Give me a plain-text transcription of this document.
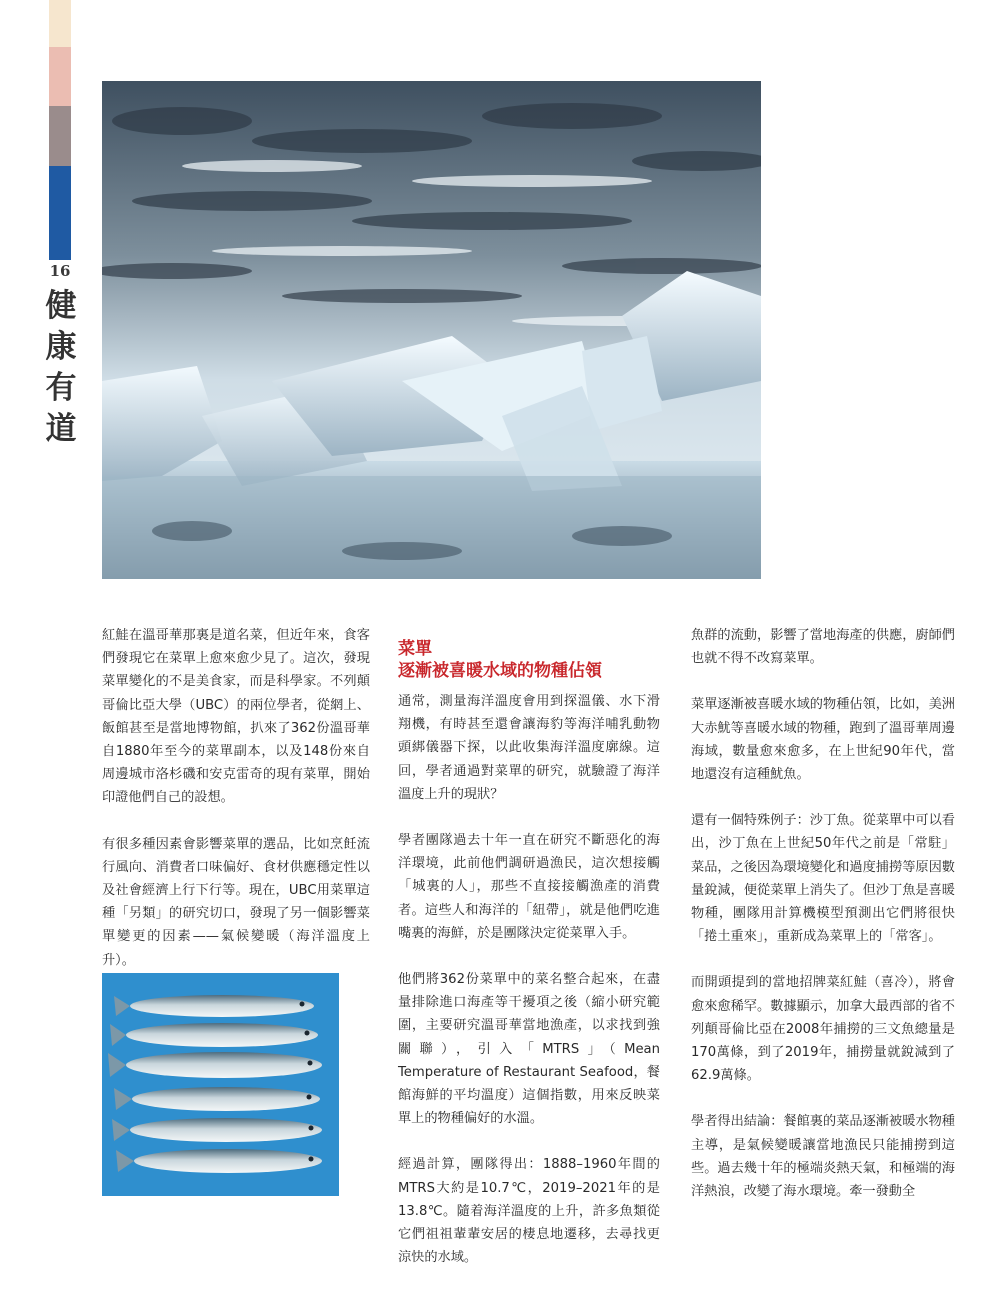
16
健
康
有
道

紅鮭在溫哥華那裏是道名菜，但近年來，食客們發現它在菜單上愈來愈少見了。這次，發現菜單變化的不是美食家，而是科學家。不列顛哥倫比亞大學（UBC）的兩位學者，從網上、飯館甚至是當地博物館，扒來了362份溫哥華自1880年至今的菜單副本，以及148份來自周邊城市洛杉磯和安克雷奇的現有菜單，開始印證他們自己的設想。

有很多種因素會影響菜單的選品，比如烹飪流行風向、消費者口味偏好、食材供應穩定性以及社會經濟上行下行等。現在，UBC用菜單這種「另類」的研究切口，發現了另一個影響菜單變更的因素——氣候變暖（海洋溫度上升）。

菜單
逐漸被喜暖水域的物種佔領

通常，測量海洋溫度會用到探溫儀、水下滑翔機，有時甚至還會讓海豹等海洋哺乳動物頭綁儀器下探，以此收集海洋溫度廓線。這回，學者通過對菜單的研究，就驗證了海洋溫度上升的現狀？

學者團隊過去十年一直在研究不斷惡化的海洋環境，此前他們調研過漁民，這次想接觸「城裏的人」，那些不直接接觸漁產的消費者。這些人和海洋的「紐帶」，就是他們吃進嘴裏的海鮮，於是團隊決定從菜單入手。

他們將362份菜單中的菜名整合起來，在盡量排除進口海產等干擾項之後（縮小研究範圍，主要研究溫哥華當地漁產，以求找到強關聯），引入「MTRS」（Mean Temperature of Restaurant Seafood，餐館海鮮的平均溫度）這個指數，用來反映菜單上的物種偏好的水溫。

經過計算，團隊得出：1888–1960年間的MTRS大約是10.7℃，2019–2021年的是13.8℃。隨着海洋溫度的上升，許多魚類從它們祖祖輩輩安居的棲息地遷移，去尋找更涼快的水域。

魚群的流動，影響了當地海產的供應，廚師們也就不得不改寫菜單。

菜單逐漸被喜暖水域的物種佔領，比如，美洲大赤魷等喜暖水域的物種，跑到了溫哥華周邊海域，數量愈來愈多，在上世紀90年代，當地還沒有這種魷魚。

還有一個特殊例子：沙丁魚。從菜單中可以看出，沙丁魚在上世紀50年代之前是「常駐」菜品，之後因為環境變化和過度捕撈等原因數量銳減，便從菜單上消失了。但沙丁魚是喜暖物種，團隊用計算機模型預測出它們將很快「捲土重來」，重新成為菜單上的「常客」。

而開頭提到的當地招牌菜紅鮭（喜冷），將會愈來愈稀罕。數據顯示，加拿大最西部的省不列顛哥倫比亞在2008年捕撈的三文魚總量是170萬條，到了2019年，捕撈量就銳減到了62.9萬條。

學者得出結論：餐館裏的菜品逐漸被暖水物種主導，是氣候變暖讓當地漁民只能捕撈到這些。過去幾十年的極端炎熱天氣，和極端的海洋熱浪，改變了海水環境。牽一發動全
